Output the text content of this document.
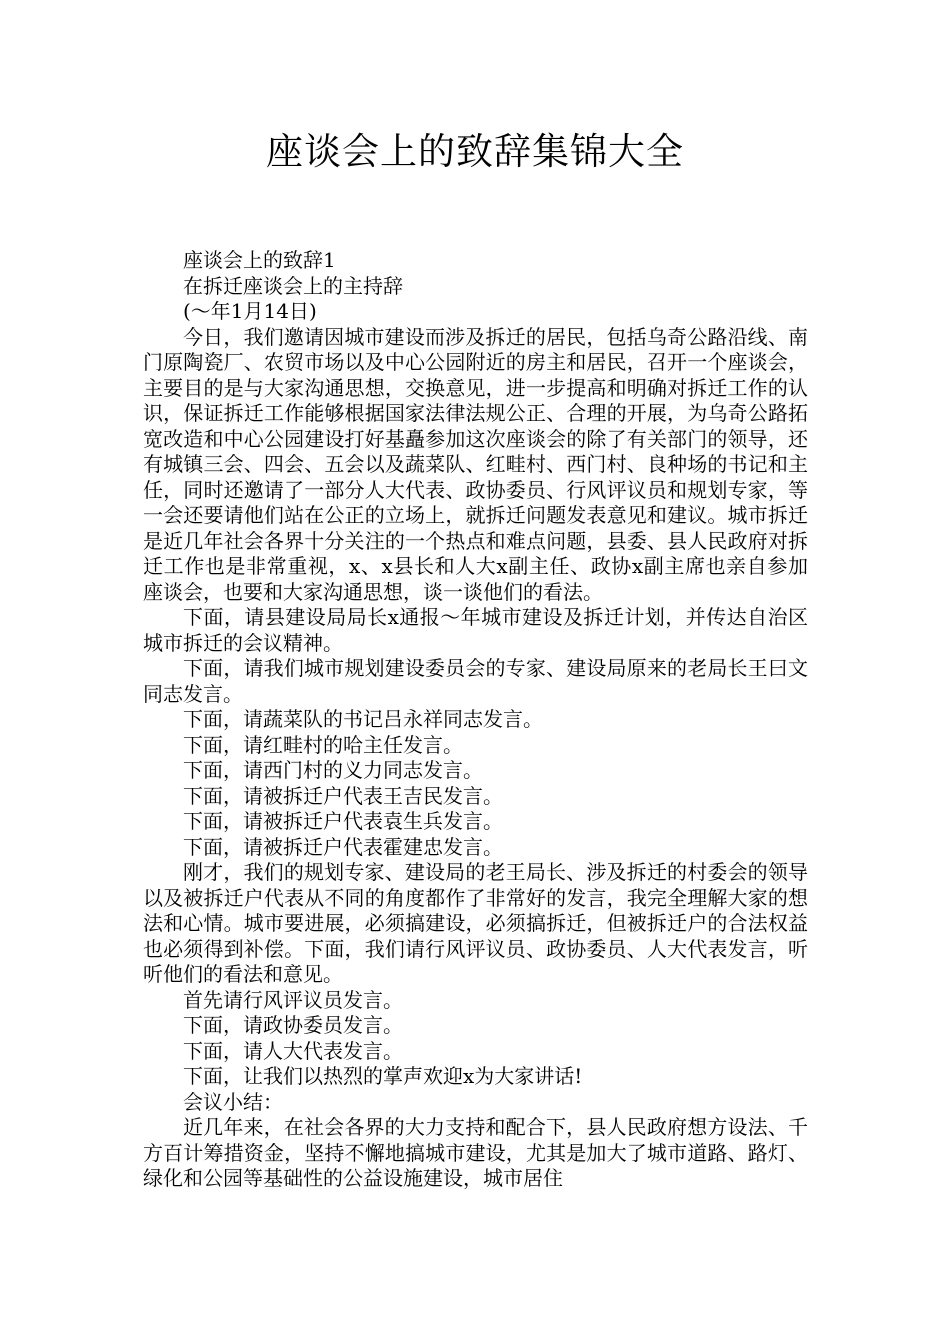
座谈会上的致辞集锦大全

座谈会上的致辞1

在拆迁座谈会上的主持辞

(～年1月14日)

今日，我们邀请因城市建设而涉及拆迁的居民，包括乌奇公路沿线、南门原陶瓷厂、农贸市场以及中心公园附近的房主和居民，召开一个座谈会，主要目的是与大家沟通思想，交换意见，进一步提高和明确对拆迁工作的认识，保证拆迁工作能够根据国家法律法规公正、合理的开展，为乌奇公路拓宽改造和中心公园建设打好基矗参加这次座谈会的除了有关部门的领导，还有城镇三会、四会、五会以及蔬菜队、红畦村、西门村、良种场的书记和主任，同时还邀请了一部分人大代表、政协委员、行风评议员和规划专家，等一会还要请他们站在公正的立场上，就拆迁问题发表意见和建议。城市拆迁是近几年社会各界十分关注的一个热点和难点问题，县委、县人民政府对拆迁工作也是非常重视，x、x县长和人大x副主任、政协x副主席也亲自参加座谈会，也要和大家沟通思想，谈一谈他们的看法。

下面，请县建设局局长x通报～年城市建设及拆迁计划，并传达自治区城市拆迁的会议精神。

下面，请我们城市规划建设委员会的专家、建设局原来的老局长王曰文同志发言。

下面，请蔬菜队的书记吕永祥同志发言。

下面，请红畦村的哈主任发言。

下面，请西门村的义力同志发言。

下面，请被拆迁户代表王吉民发言。

下面，请被拆迁户代表袁生兵发言。

下面，请被拆迁户代表霍建忠发言。

刚才，我们的规划专家、建设局的老王局长、涉及拆迁的村委会的领导以及被拆迁户代表从不同的角度都作了非常好的发言，我完全理解大家的想法和心情。城市要进展，必须搞建设，必须搞拆迁，但被拆迁户的合法权益也必须得到补偿。下面，我们请行风评议员、政协委员、人大代表发言，听听他们的看法和意见。

首先请行风评议员发言。

下面，请政协委员发言。

下面，请人大代表发言。

下面，让我们以热烈的掌声欢迎x为大家讲话!

会议小结：

近几年来，在社会各界的大力支持和配合下，县人民政府想方设法、千方百计筹措资金，坚持不懈地搞城市建设，尤其是加大了城市道路、路灯、绿化和公园等基础性的公益设施建设，城市居住
